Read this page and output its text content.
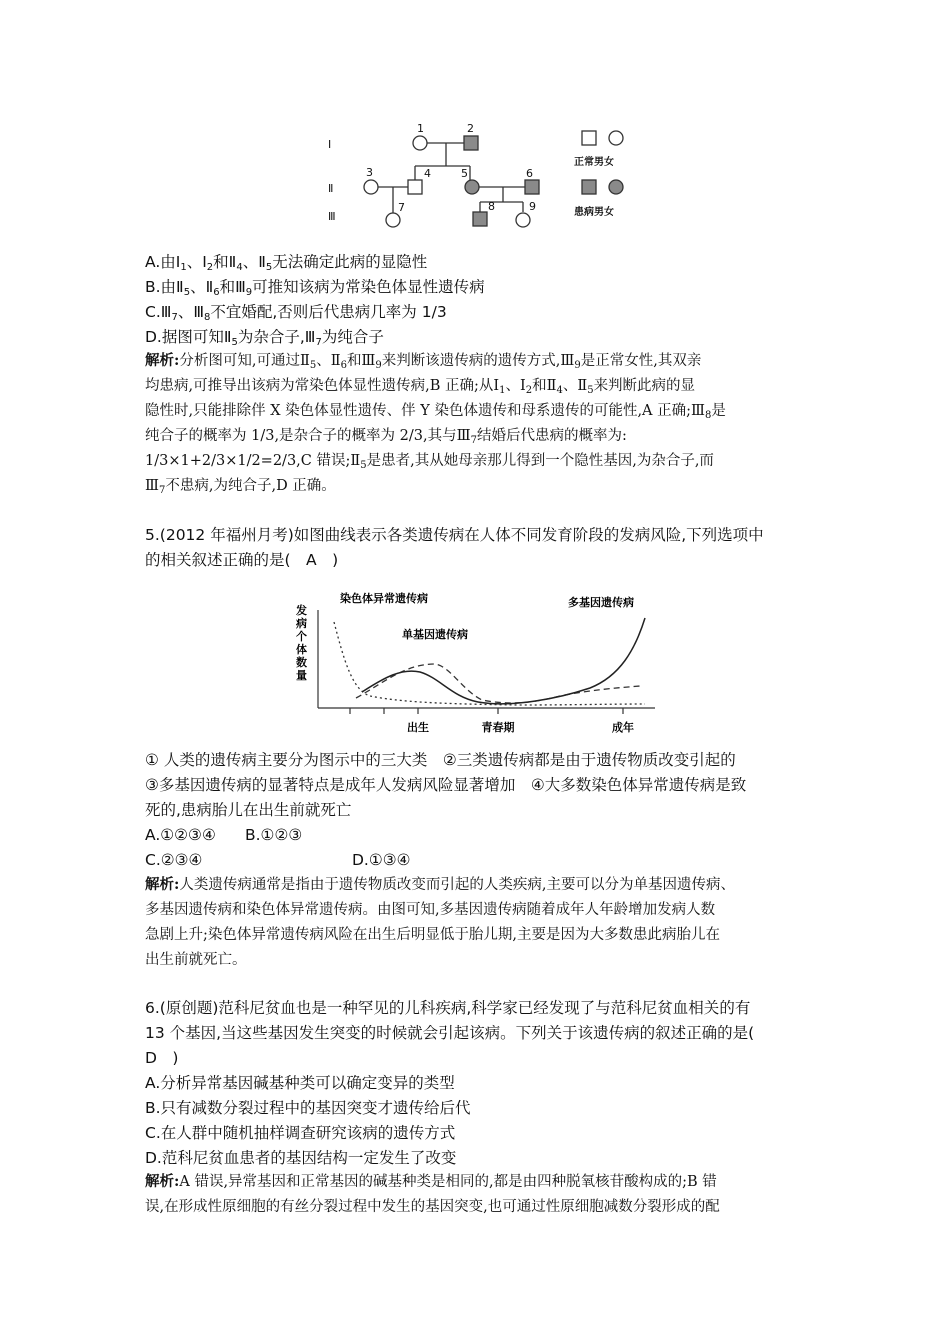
Ⅰ
Ⅱ
Ⅲ
1	2
3	4	5	6
7	8	9
正常男女
患病男女
A.由$Ⅰ_1$、$Ⅰ_2$和$Ⅱ_4$、$Ⅱ_5$无法确定此病的显隐性
B.由$Ⅱ_5$、$Ⅱ_6$和$Ⅲ_9$可推知该病为常染色体显性遗传病
$C.Ⅲ_7$、$Ⅲ_8$不宜婚配,否则后代患病几率为 1/3
D.据图可知$Ⅱ_5$为杂合子$,Ⅲ_7$为纯合子
解析:分析图可知,可通过$Ⅱ_5$、$Ⅱ_6$和$Ⅲ_9$来判断该遗传病的遗传方式$,Ⅲ_9$是正常女性,其双亲
均患病,可推导出该病为常染色体显性遗传病,B 正确;从$Ⅰ_1$、$Ⅰ_2$和$Ⅱ_4$、$Ⅱ_5$来判断此病的显
隐性时,只能排除伴 X 染色体显性遗传、伴 Y 染色体遗传和母系遗传的可能性,A 正确$;Ⅲ_8$是
纯合子的概率为 1/3,是杂合子的概率为 2/3,其与$Ⅲ_7$结婚后代患病的概率为:
1/3×1+2/3×1/2=2/3,C 错误$;Ⅱ_5$是患者,其从她母亲那儿得到一个隐性基因,为杂合子,而
$Ⅲ_7$不患病,为纯合子,D 正确。
5.(2012 年福州月考)如图曲线表示各类遗传病在人体不同发育阶段的发病风险,下列选项中
的相关叙述正确的是(　A　)
发
病
个
体
数
量
染色体异常遗传病
单基因遗传病
多基因遗传病
出生	青春期	成年
① 人类的遗传病主要分为图示中的三大类　②三类遗传病都是由于遗传物质改变引起的
③多基因遗传病的显著特点是成年人发病风险显著增加　④大多数染色体异常遗传病是致
死的,患病胎儿在出生前就死亡
A.①②③④ B.①②③
C.②③④	D.①③④
解析:人类遗传病通常是指由于遗传物质改变而引起的人类疾病,主要可以分为单基因遗传病、
多基因遗传病和染色体异常遗传病。由图可知,多基因遗传病随着成年人年龄增加发病人数
急剧上升;染色体异常遗传病风险在出生后明显低于胎儿期,主要是因为大多数患此病胎儿在
出生前就死亡。
6.(原创题)范科尼贫血也是一种罕见的儿科疾病,科学家已经发现了与范科尼贫血相关的有
13 个基因,当这些基因发生突变的时候就会引起该病。下列关于该遗传病的叙述正确的是(
D　)
A.分析异常基因碱基种类可以确定变异的类型
B.只有减数分裂过程中的基因突变才遗传给后代
C.在人群中随机抽样调查研究该病的遗传方式
D.范科尼贫血患者的基因结构一定发生了改变
解析:A 错误,异常基因和正常基因的碱基种类是相同的,都是由四种脱氧核苷酸构成的;B 错
误,在形成性原细胞的有丝分裂过程中发生的基因突变,也可通过性原细胞减数分裂形成的配
